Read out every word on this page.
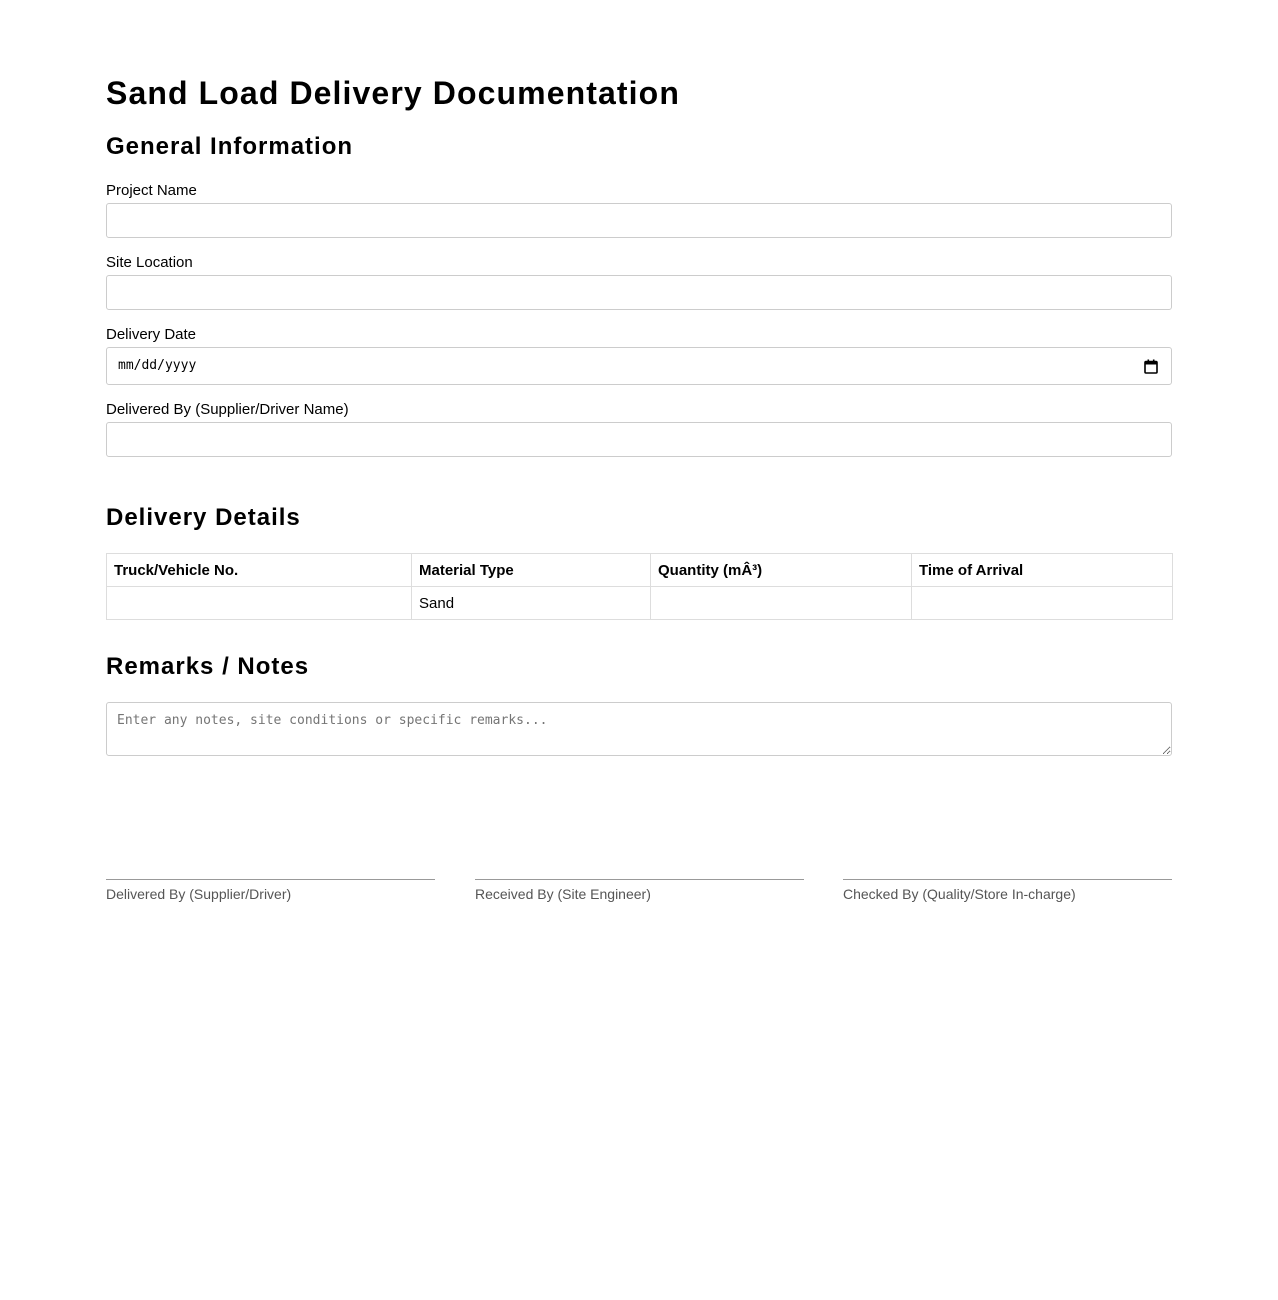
Sand Load Delivery Documentation
General Information
Project Name
Site Location
Delivery Date
mm/dd/yyyy
Delivered By (Supplier/Driver Name)
Delivery Details
Truck/Vehicle No.	Material Type	Quantity (mÂ³)	Time of Arrival
	Sand		
Remarks / Notes
Enter any notes, site conditions or specific remarks...
Delivered By (Supplier/Driver)	Received By (Site Engineer)	Checked By (Quality/Store In-charge)
